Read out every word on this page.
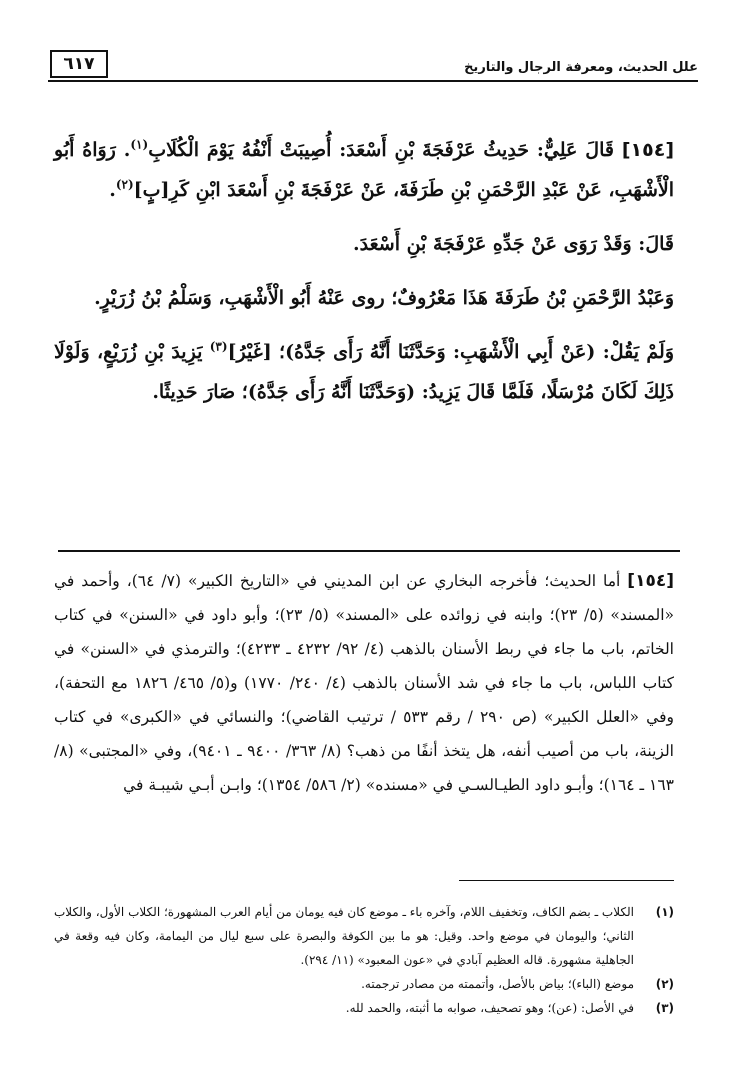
علل الحديث، ومعرفة الرجال والتاريخ
٦١٧

[١٥٤] قَالَ عَلِيٌّ: حَدِيثُ عَرْفَجَةَ بْنِ أَسْعَدَ: أُصِيبَتْ أَنْفُهُ يَوْمَ الْكُلَابِ$^{(١)}$. رَوَاهُ أَبُو الْأَشْهَبِ، عَنْ عَبْدِ الرَّحْمَنِ بْنِ طَرَفَةَ، عَنْ عَرْفَجَةَ بْنِ أَسْعَدَ ابْنِ كَرِ[بٍ]$^{(٢)}$.

قَالَ: وَقَدْ رَوَى عَنْ جَدِّهِ عَرْفَجَةَ بْنِ أَسْعَدَ.

وَعَبْدُ الرَّحْمَنِ بْنُ طَرَفَةَ هَذَا مَعْرُوفٌ؛ روى عَنْهُ أَبُو الْأَشْهَبِ، وَسَلْمُ بْنُ زُرَيْرٍ.

وَلَمْ يَقُلْ: (عَنْ أَبِي الْأَشْهَبِ: وَحَدَّثَنَا أَنَّهُ رَأَى جَدَّهُ)؛ [غَيْرُ]$^{(٣)}$ يَزِيدَ بْنِ زُرَيْعٍ، وَلَوْلَا ذَلِكَ لَكَانَ مُرْسَلًا، فَلَمَّا قَالَ يَزِيدُ: (وَحَدَّثَنَا أَنَّهُ رَأَى جَدَّهُ)؛ صَارَ حَدِيثًا.

[١٥٤] أما الحديث؛ فأخرجه البخاري عن ابن المديني في «التاريخ الكبير» (٧/ ٦٤)، وأحمد في «المسند» (٥/ ٢٣)؛ وابنه في زوائده على «المسند» (٥/ ٢٣)؛ وأبو داود في «السنن» في كتاب الخاتم، باب ما جاء في ربط الأسنان بالذهب (٤/ ٩٢/ ٤٢٣٢ ـ ٤٢٣٣)؛ والترمذي في «السنن» في كتاب اللباس، باب ما جاء في شد الأسنان بالذهب (٤/ ٢٤٠/ ١٧٧٠) و(٥/ ٤٦٥/ ١٨٢٦ مع التحفة)، وفي «العلل الكبير» (ص ٢٩٠ / رقم ٥٣٣ / ترتيب القاضي)؛ والنسائي في «الكبرى» في كتاب الزينة، باب من أصيب أنفه، هل يتخذ أنفًا من ذهب؟ (٨/ ٣٦٣/ ٩٤٠٠ ـ ٩٤٠١)، وفي «المجتبى» (٨/ ١٦٣ ـ ١٦٤)؛ وأبـو داود الطيـالسـي في «مسنده» (٢/ ٥٨٦/ ١٣٥٤)؛ وابـن أبـي شيبـة في
(١)
الكلاب ـ بضم الكاف، وتخفيف اللام، وآخره باء ـ موضع كان فيه يومان من أيام العرب المشهورة؛ الكلاب الأول، والكلاب الثاني؛ واليومان في موضع واحد. وقيل: هو ما بين الكوفة والبصرة على سبع ليال من اليمامة، وكان فيه وقعة في الجاهلية مشهورة. قاله العظيم آبادي في «عون المعبود» (١١/ ٢٩٤).
(٢)
موضع (الباء)؛ بياض بالأصل، وأتممته من مصادر ترجمته.
(٣)
في الأصل: (عن)؛ وهو تصحيف، صوابه ما أثبته، والحمد لله.
